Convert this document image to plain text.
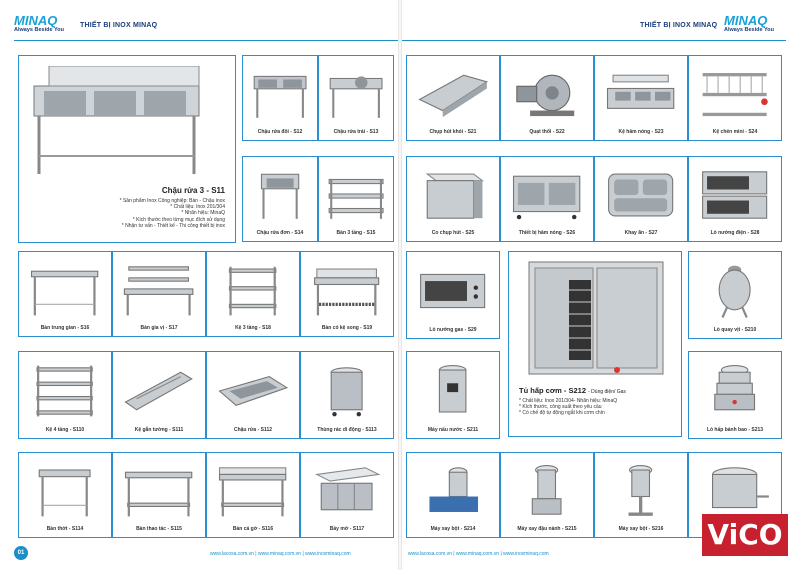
MINAQ
Always Beside You
THIẾT BỊ INOX MINAQ
Chậu rửa 3 - S11
* Sản phẩm Inox Công nghiệp: Bàn - Chậu inox
* Chất liệu: Inox 201/304
* Nhãn hiệu: MinaQ
* Kích thước theo từng mục đích sử dụng
* Nhận tư vấn - Thiết kế - Thi công thiết bị inox
Chậu rửa đôi - S12	Chậu rửa trái - S13
Chậu rửa đơn - S14	Bàn 3 tầng - S15
Bàn trung gian - S16	Bàn gia vị - S17	Kệ 3 tầng - S18	Bàn có kệ song - S19
Kệ 4 tầng - S110	Kệ gắn tường - S111	Chậu rửa - S112	Thùng rác di động - S113
Bàn thớt - S114	Bàn thao tác - S115	Bàn cá gờ - S116	Bầy mở - S117
01	www.lacosa.com.vn | www.minaq.com.vn | www.inoxminaq.com
THIẾT BỊ INOX MINAQ MINAQ
Always Beside You
Chụp hút khói - S21	Quạt thổi - S22	Kệ hâm nóng - S23	Kệ chén mini - S24
Co chụp hút - S25	Thiết bị hâm nóng - S26	Khay ăn - S27	Lò nướng điện - S28
Lò nướng gas - S29	Lò quay vịt - S210
Tủ hấp cơm - S212 - Dùng điện/ Gas
* Chất liệu: Inox 201/304- Nhãn hiệu: MinaQ
* Kích thước, công suất theo yêu cầu
* Có chế độ tự động ngắt khi cơm chín
Máy nấu nước - S211	Lò hấp bánh bao - S213
Máy xay bột - S214	Máy xay đậu nành - S215	Máy xay bột - S216
www.lacosa.com.vn | www.minaq.com.vn | www.inoxminaq.com
ViCO
